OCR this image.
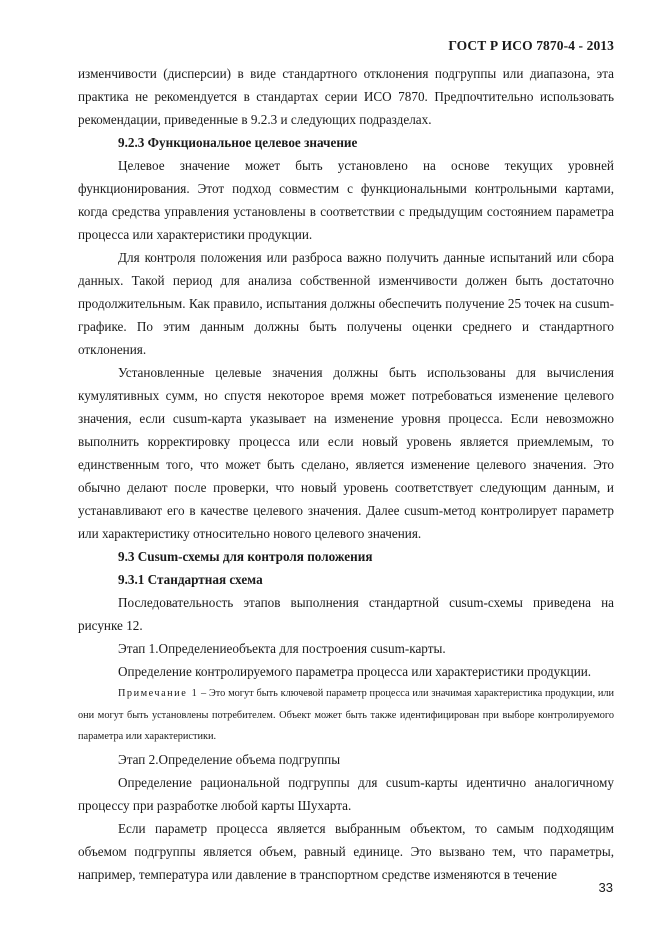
ГОСТ Р ИСО 7870-4 - 2013

изменчивости (дисперсии) в виде стандартного отклонения подгруппы или диапазона, эта практика не рекомендуется в стандартах серии ИСО 7870. Предпочтительно использовать рекомендации, приведенные в 9.2.3 и следующих подразделах.

9.2.3 Функциональное целевое значение

Целевое значение может быть установлено на основе текущих уровней функционирования. Этот подход совместим с функциональными контрольными картами, когда средства управления установлены в соответствии с предыдущим состоянием параметра процесса или характеристики продукции.

Для контроля положения или разброса важно получить данные испытаний или сбора данных. Такой период для анализа собственной изменчивости должен быть достаточно продолжительным. Как правило, испытания должны обеспечить получение 25 точек на cusum-графике. По этим данным должны быть получены оценки среднего и стандартного отклонения.

Установленные целевые значения должны быть использованы для вычисления кумулятивных сумм, но спустя некоторое время может потребоваться изменение целевого значения, если cusum-карта указывает на изменение уровня процесса. Если невозможно выполнить корректировку процесса или если новый уровень является приемлемым, то единственным того, что может быть сделано, является изменение целевого значения. Это обычно делают после проверки, что новый уровень соответствует следующим данным, и устанавливают его в качестве целевого значения. Далее cusum-метод контролирует параметр или характеристику относительно нового целевого значения.

9.3 Cusum-схемы для контроля положения

9.3.1 Стандартная схема

Последовательность этапов выполнения стандартной cusum-схемы приведена на рисунке 12.

Этап 1.Определениеобъекта для построения cusum-карты.

Определение контролируемого параметра процесса или характеристики продукции.

Примечание 1 – Это могут быть ключевой параметр процесса или значимая характеристика продукции, или они могут быть установлены потребителем. Объект может быть также идентифицирован при выборе контролируемого параметра или характеристики.

Этап 2.Определение объема подгруппы

Определение рациональной подгруппы для cusum-карты идентично аналогичному процессу при разработке любой карты Шухарта.

Если параметр процесса является выбранным объектом, то самым подходящим объемом подгруппы является объем, равный единице. Это вызвано тем, что параметры, например, температура или давление в транспортном средстве изменяются в течение

33
